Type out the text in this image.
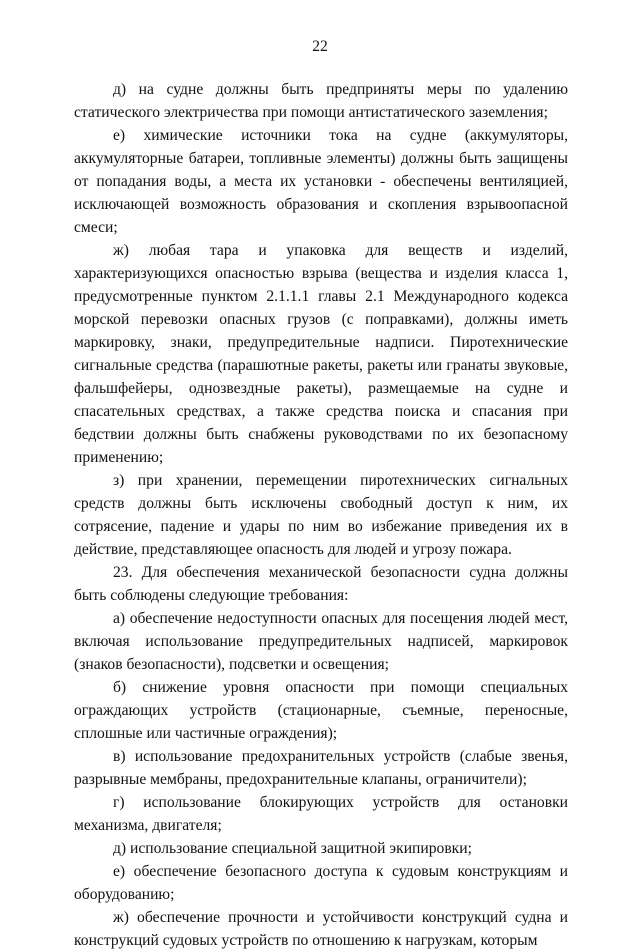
22

д) на судне должны быть предприняты меры по удалению статического электричества при помощи антистатического заземления;

е) химические источники тока на судне (аккумуляторы, аккумуляторные батареи, топливные элементы) должны быть защищены от попадания воды, а места их установки - обеспечены вентиляцией, исключающей возможность образования и скопления взрывоопасной смеси;

ж) любая тара и упаковка для веществ и изделий, характеризующихся опасностью взрыва (вещества и изделия класса 1, предусмотренные пунктом 2.1.1.1 главы 2.1 Международного кодекса морской перевозки опасных грузов (с поправками), должны иметь маркировку, знаки, предупредительные надписи. Пиротехнические сигнальные средства (парашютные ракеты, ракеты или гранаты звуковые, фальшфейеры, однозвездные ракеты), размещаемые на судне и спасательных средствах, а также средства поиска и спасания при бедствии должны быть снабжены руководствами по их безопасному применению;

з) при хранении, перемещении пиротехнических сигнальных средств должны быть исключены свободный доступ к ним, их сотрясение, падение и удары по ним во избежание приведения их в действие, представляющее опасность для людей и угрозу пожара.

23. Для обеспечения механической безопасности судна должны быть соблюдены следующие требования:

а) обеспечение недоступности опасных для посещения людей мест, включая использование предупредительных надписей, маркировок (знаков безопасности), подсветки и освещения;

б) снижение уровня опасности при помощи специальных ограждающих устройств (стационарные, съемные, переносные, сплошные или частичные ограждения);

в) использование предохранительных устройств (слабые звенья, разрывные мембраны, предохранительные клапаны, ограничители);

г) использование блокирующих устройств для остановки механизма, двигателя;

д) использование специальной защитной экипировки;

е) обеспечение безопасного доступа к судовым конструкциям и оборудованию;

ж) обеспечение прочности и устойчивости конструкций судна и конструкций судовых устройств по отношению к нагрузкам, которым
